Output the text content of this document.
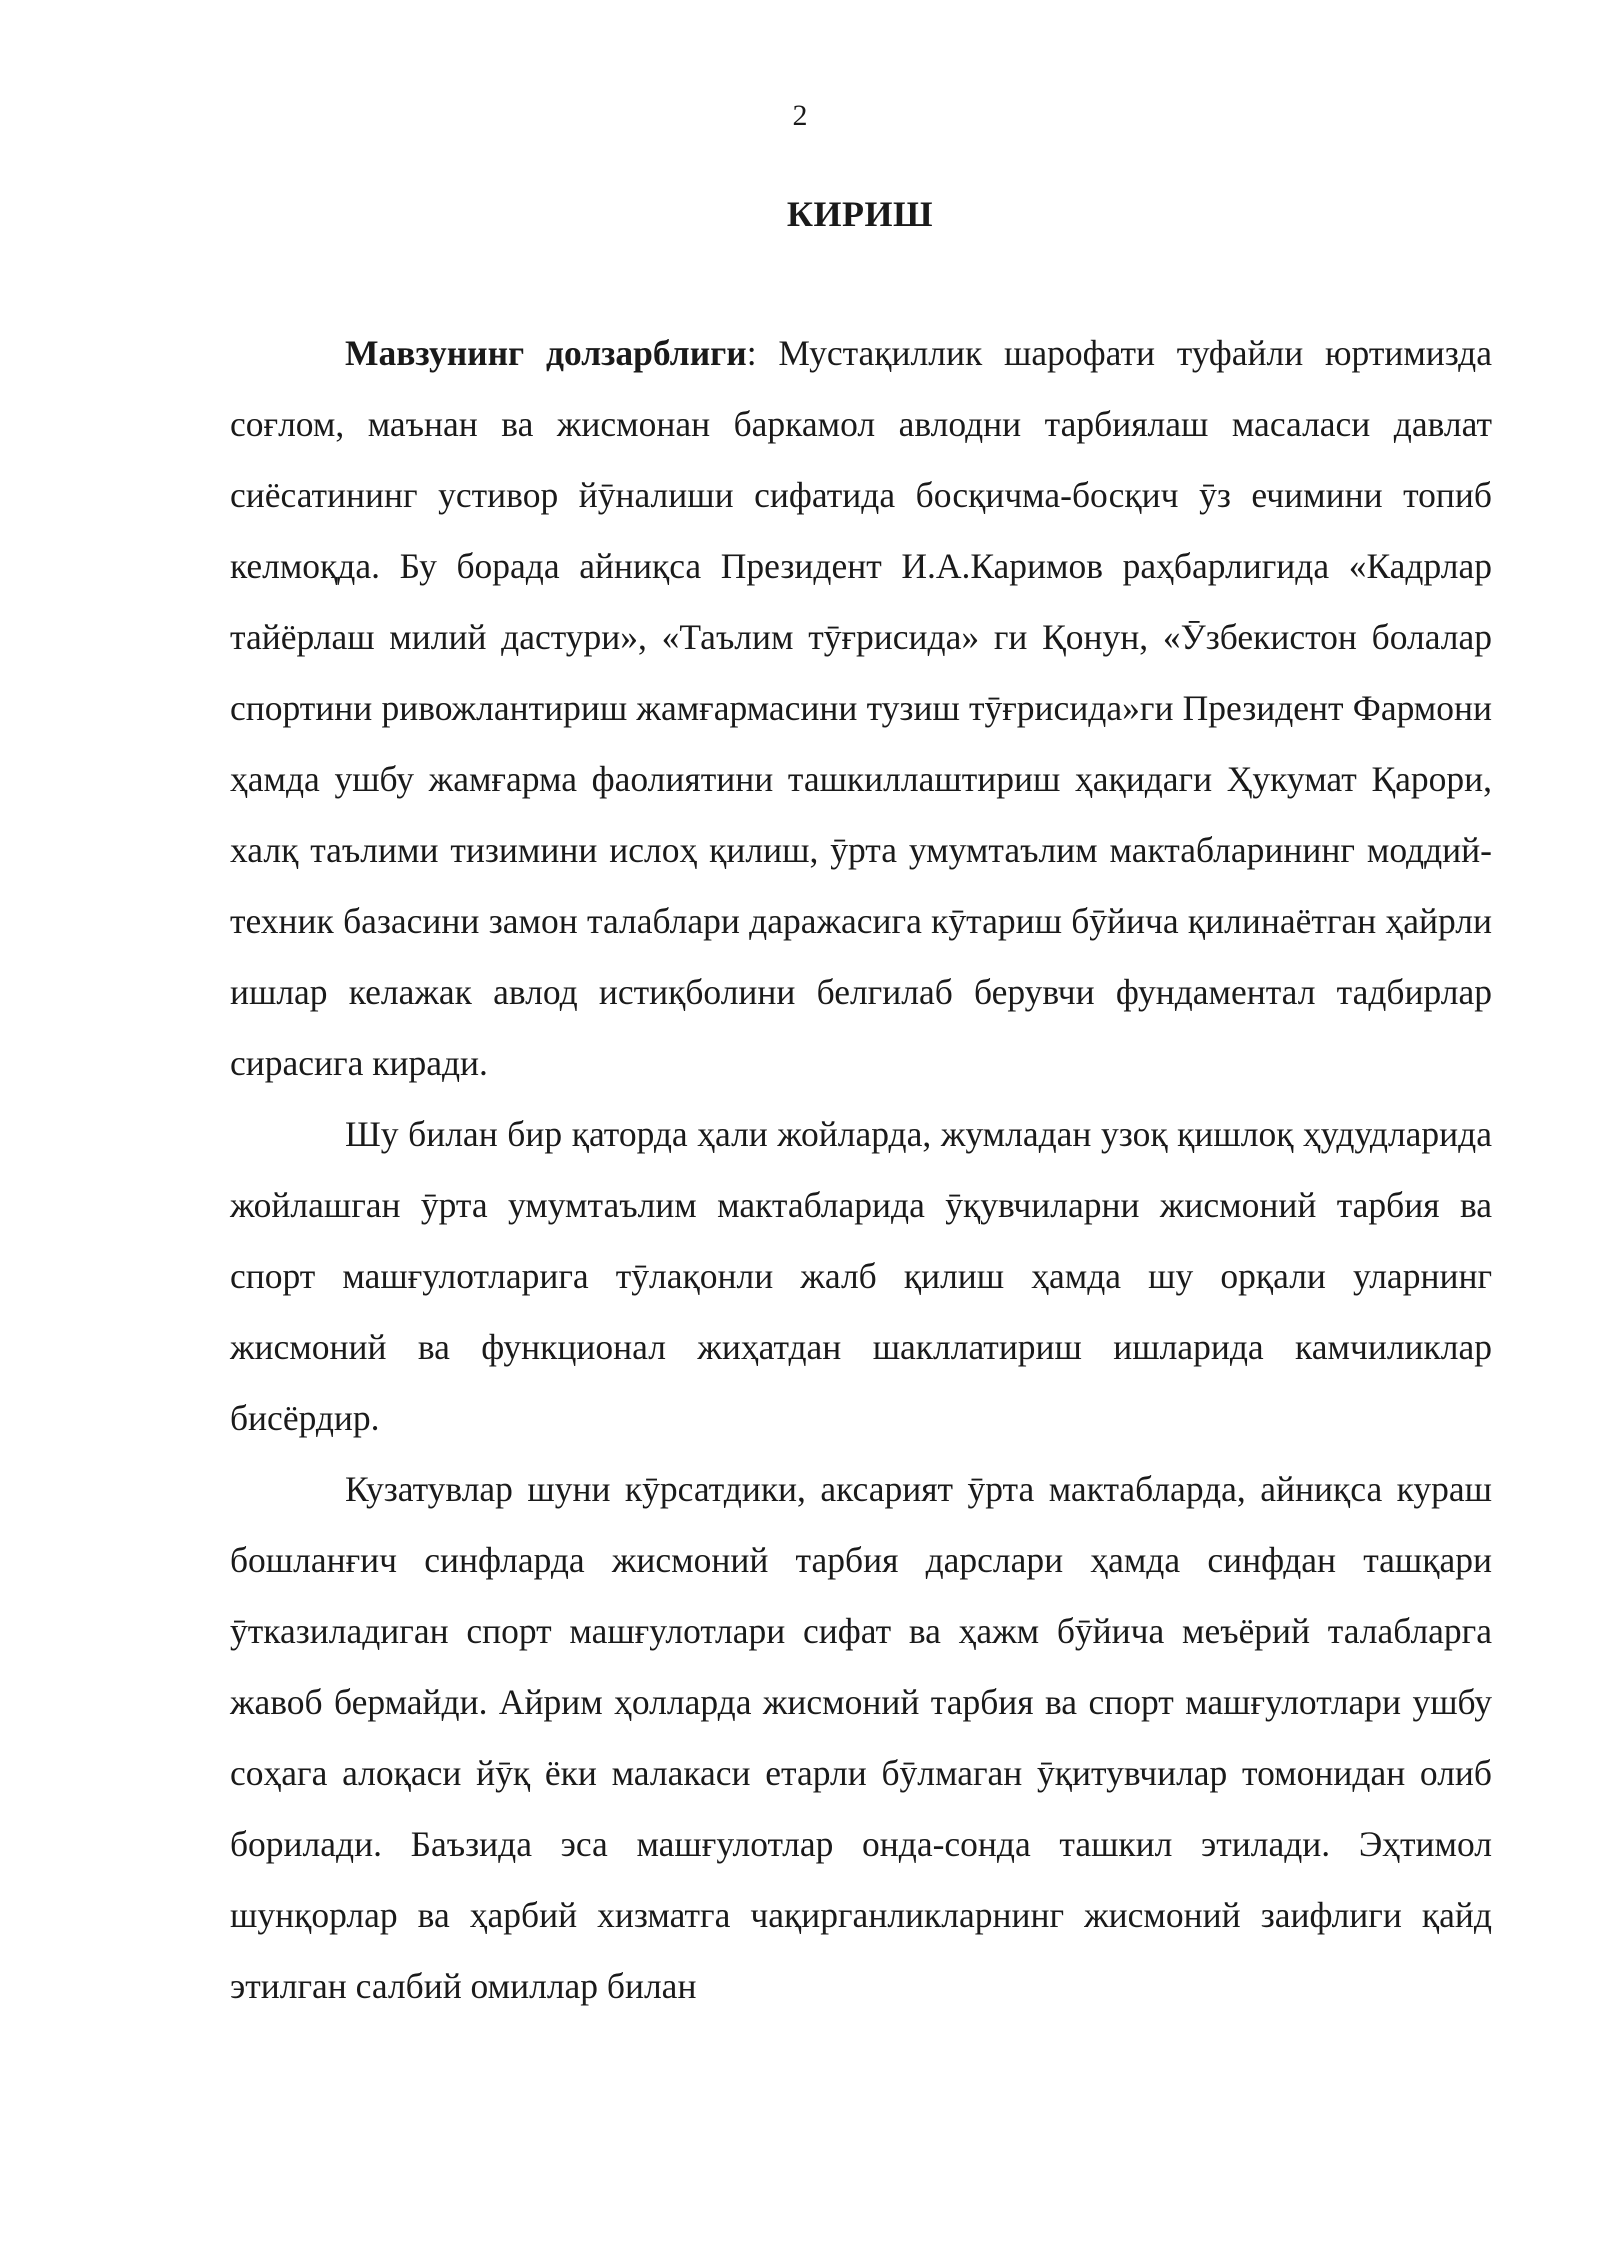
2
КИРИШ

Мавзунинг долзарблиги: Мустақиллик шарофати туфайли юртимизда соғлом, маънан ва жисмонан баркамол авлодни тарбиялаш масаласи давлат сиёсатининг устивор йӯналиши сифатида босқичма-босқич ӯз ечимини топиб келмоқда. Бу борада айниқса Президент И.А.Каримов раҳбарлигида «Кадрлар тайёрлаш милий дастури», «Таълим тӯғрисида» ги Қонун, «Ӯзбекистон болалар спортини ривожлантириш жамғармасини тузиш тӯғрисида»ги Президент Фармони ҳамда ушбу жамғарма фаолиятини ташкиллаштириш ҳақидаги Ҳукумат Қарори, халқ таълими тизимини ислоҳ қилиш, ӯрта умумтаълим мактабларининг моддий-техник базасини замон талаблари даражасига кӯтариш бӯйича қилинаётган ҳайрли ишлар келажак авлод истиқболини белгилаб берувчи фундаментал тадбирлар сирасига киради.

Шу билан бир қаторда ҳали жойларда, жумладан узоқ қишлоқ ҳудудларида жойлашган ӯрта умумтаълим мактабларида ӯқувчиларни жисмоний тарбия ва спорт машғулотларига тӯлақонли жалб қилиш ҳамда шу орқали уларнинг жисмоний ва функционал жиҳатдан шакллатириш ишларида камчиликлар бисёрдир.

Кузатувлар шуни кӯрсатдики, аксарият ӯрта мактабларда, айниқса кураш бошланғич синфларда жисмоний тарбия дарслари ҳамда синфдан ташқари ӯтказиладиган спорт машғулотлари сифат ва ҳажм бӯйича меъёрий талабларга жавоб бермайди. Айрим ҳолларда жисмоний тарбия ва спорт машғулотлари ушбу соҳага алоқаси йӯқ ёки малакаси етарли бӯлмаган ӯқитувчилар томонидан олиб борилади. Баъзида эса машғулотлар онда-сонда ташкил этилади. Эҳтимол шунқорлар ва ҳарбий хизматга чақирганликларнинг жисмоний заифлиги қайд этилган салбий омиллар билан
